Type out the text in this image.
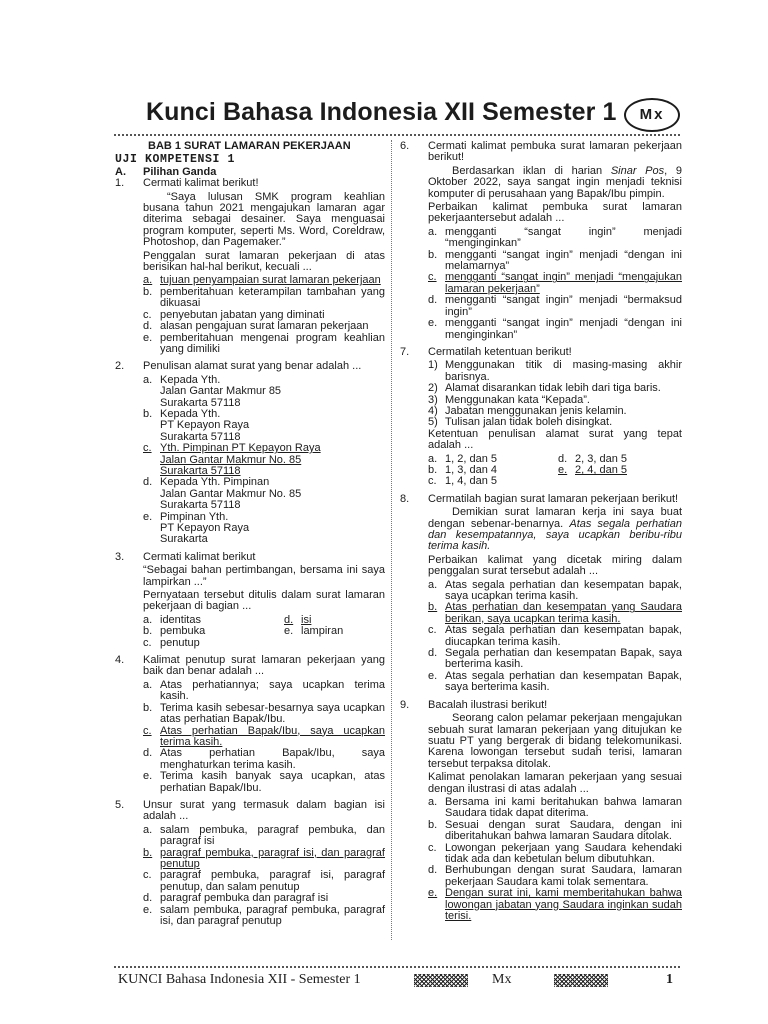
Kunci Bahasa Indonesia XII Semester 1	Mx
BAB 1 SURAT LAMARAN PEKERJAAN
UJI KOMPETENSI 1
A. Pilihan Ganda
1. Cermati kalimat berikut!

“Saya lulusan SMK program keahlian busana tahun 2021 mengajukan lamaran agar diterima sebagai desainer. Saya menguasai program komputer, seperti Ms. Word, Coreldraw, Photoshop, dan Pagemaker.”

Penggalan surat lamaran pekerjaan di atas berisikan hal-hal berikut, kecuali ...

a. tujuan penyampaian surat lamaran pekerjaan
b. pemberitahuan keterampilan tambahan yang dikuasai
c. penyebutan jabatan yang diminati
d. alasan pengajuan surat lamaran pekerjaan
e. pemberitahuan mengenai program keahlian yang dimiliki
2. Penulisan alamat surat yang benar adalah ...

a. Kepada Yth.
Jalan Gantar Makmur 85
Surakarta 57118
b. Kepada Yth.
PT Kepayon Raya
Surakarta 57118
c. Yth. Pimpinan PT Kepayon Raya
Jalan Gantar Makmur No. 85
Surakarta 57118
d. Kepada Yth. Pimpinan
Jalan Gantar Makmur No. 85
Surakarta 57118
e. Pimpinan Yth.
PT Kepayon Raya
Surakarta
3. Cermati kalimat berikut

“Sebagai bahan pertimbangan, bersama ini saya lampirkan ...”

Pernyataan tersebut ditulis dalam surat lamaran pekerjaan di bagian ...

a. identitas	d. isi
b. pembuka	e. lampiran
c. penutup
4. Kalimat penutup surat lamaran pekerjaan yang baik dan benar adalah ...

a. Atas perhatiannya; saya ucapkan terima kasih.
b. Terima kasih sebesar-besarnya saya ucapkan atas perhatian Bapak/Ibu.
c. Atas perhatian Bapak/Ibu, saya ucapkan terima kasih.
d. Atas perhatian Bapak/Ibu, saya menghaturkan terima kasih.
e. Terima kasih banyak saya ucapkan, atas perhatian Bapak/Ibu.
5. Unsur surat yang termasuk dalam bagian isi adalah ...

a. salam pembuka, paragraf pembuka, dan paragraf isi
b. paragraf pembuka, paragraf isi, dan paragraf penutup
c. paragraf pembuka, paragraf isi, paragraf penutup, dan salam penutup
d. paragraf pembuka dan paragraf isi
e. salam pembuka, paragraf pembuka, paragraf isi, dan paragraf penutup
6. Cermati kalimat pembuka surat lamaran pekerjaan berikut!

Berdasarkan iklan di harian Sinar Pos, 9 Oktober 2022, saya sangat ingin menjadi teknisi komputer di perusahaan yang Bapak/Ibu pimpin.

Perbaikan kalimat pembuka surat lamaran pekerjaantersebut adalah ...

a. mengganti “sangat ingin” menjadi “menginginkan”
b. mengganti “sangat ingin” menjadi “dengan ini melamarnya”
c. mengganti “sangat ingin” menjadi “mengajukan lamaran pekerjaan”
d. mengganti “sangat ingin” menjadi “bermaksud ingin”
e. mengganti “sangat ingin” menjadi “dengan ini menginginkan”
7. Cermatilah ketentuan berikut!

1) Menggunakan titik di masing-masing akhir barisnya.
2) Alamat disarankan tidak lebih dari tiga baris.
3) Menggunakan kata “Kepada”.
4) Jabatan menggunakan jenis kelamin.
5) Tulisan jalan tidak boleh disingkat.

Ketentuan penulisan alamat surat yang tepat adalah ...

a. 1, 2, dan 5	d. 2, 3, dan 5
b. 1, 3, dan 4	e. 2, 4, dan 5
c. 1, 4, dan 5
8. Cermatilah bagian surat lamaran pekerjaan berikut!

Demikian surat lamaran kerja ini saya buat dengan sebenar-benarnya. Atas segala perhatian dan kesempatannya, saya ucapkan beribu-ribu terima kasih.

Perbaikan kalimat yang dicetak miring dalam penggalan surat tersebut adalah ...

a. Atas segala perhatian dan kesempatan bapak, saya ucapkan terima kasih.
b. Atas perhatian dan kesempatan yang Saudara berikan, saya ucapkan terima kasih.
c. Atas segala perhatian dan kesempatan bapak, diucapkan terima kasih.
d. Segala perhatian dan kesempatan Bapak, saya berterima kasih.
e. Atas segala perhatian dan kesempatan Bapak, saya berterima kasih.
9. Bacalah ilustrasi berikut!

Seorang calon pelamar pekerjaan mengajukan sebuah surat lamaran pekerjaan yang ditujukan ke suatu PT yang bergerak di bidang telekomunikasi. Karena lowongan tersebut sudah terisi, lamaran tersebut terpaksa ditolak.

Kalimat penolakan lamaran pekerjaan yang sesuai dengan ilustrasi di atas adalah ...

a. Bersama ini kami beritahukan bahwa lamaran Saudara tidak dapat diterima.
b. Sesuai dengan surat Saudara, dengan ini diberitahukan bahwa lamaran Saudara ditolak.
c. Lowongan pekerjaan yang Saudara kehendaki tidak ada dan kebetulan belum dibutuhkan.
d. Berhubungan dengan surat Saudara, lamaran pekerjaan Saudara kami tolak sementara.
e. Dengan surat ini, kami memberitahukan bahwa lowongan jabatan yang Saudara inginkan sudah terisi.
KUNCI Bahasa Indonesia XII - Semester 1	Mx	1
